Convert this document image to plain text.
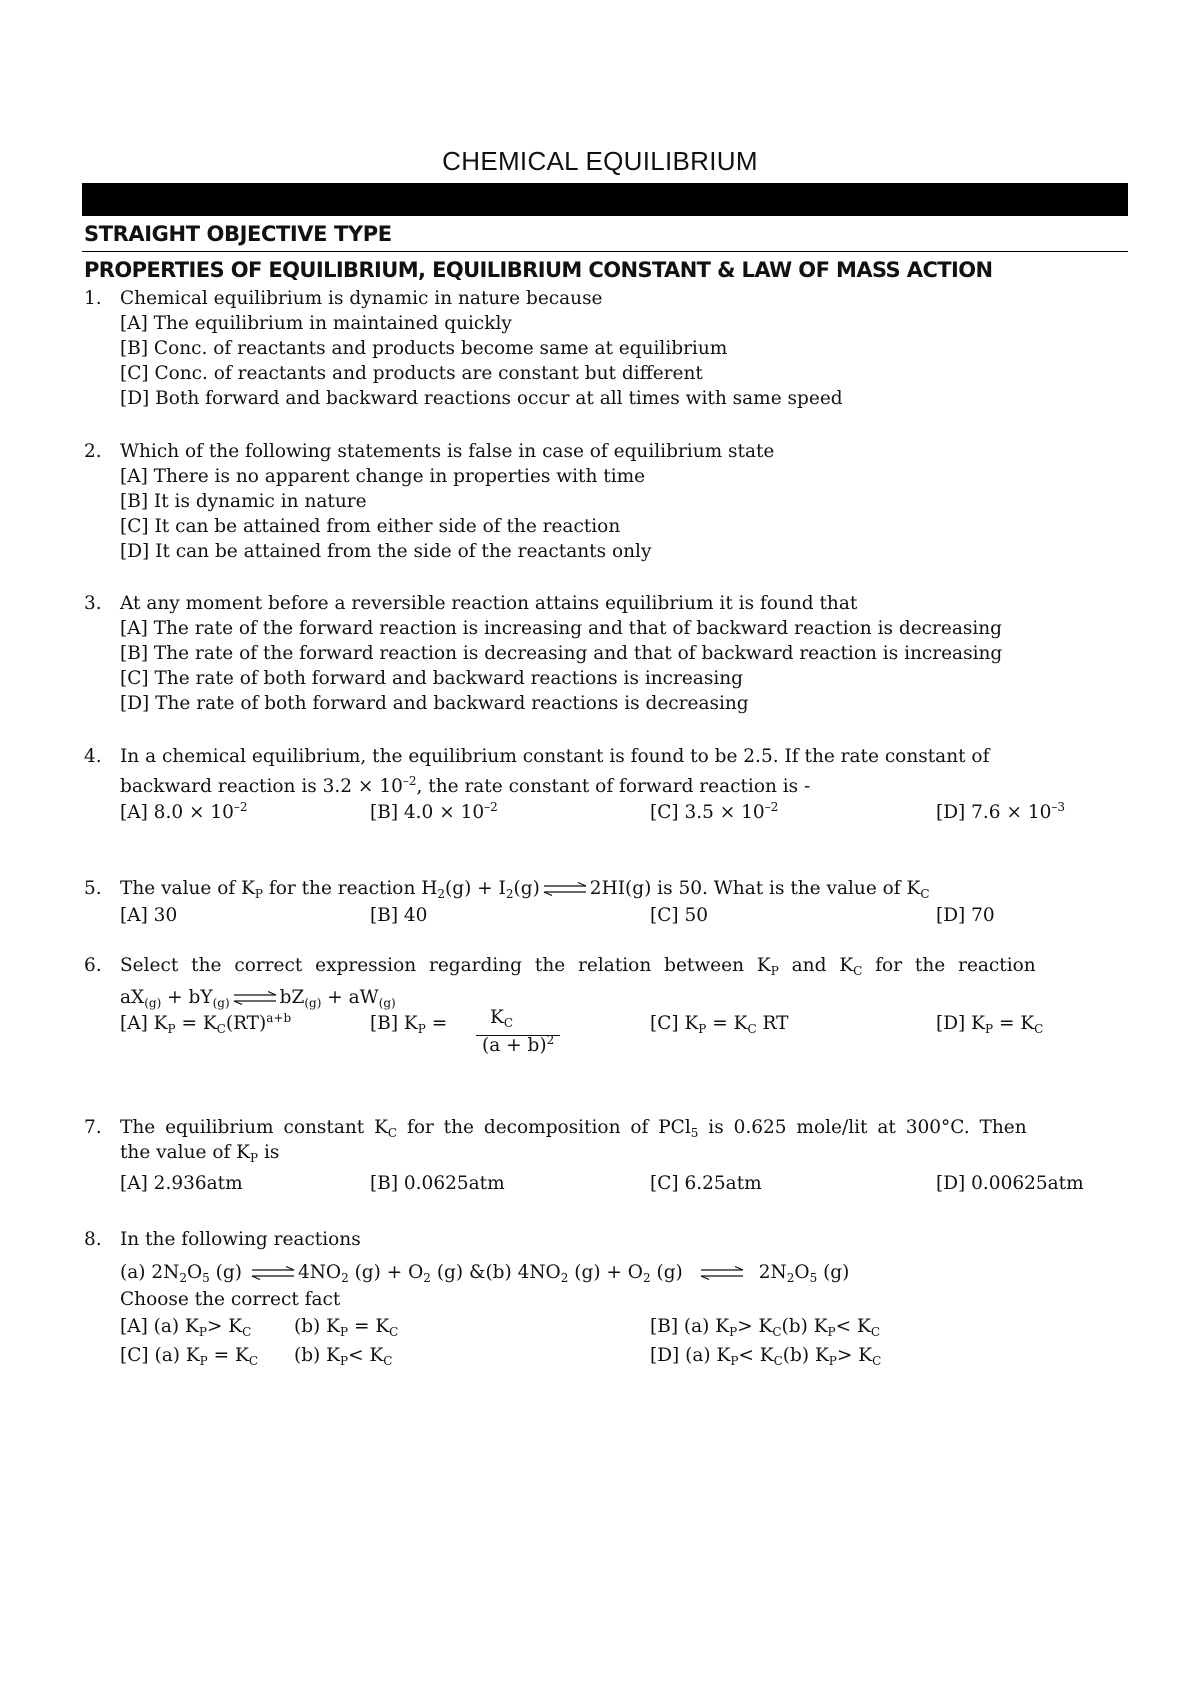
CHEMICAL EQUILIBRIUM
STRAIGHT OBJECTIVE TYPE
PROPERTIES OF EQUILIBRIUM, EQUILIBRIUM CONSTANT & LAW OF MASS ACTION
1. Chemical equilibrium is dynamic in nature because
[A] The equilibrium in maintained quickly
[B] Conc. of reactants and products become same at equilibrium
[C] Conc. of reactants and products are constant but different
[D] Both forward and backward reactions occur at all times with same speed
2. Which of the following statements is false in case of equilibrium state
[A] There is no apparent change in properties with time
[B] It is dynamic in nature
[C] It can be attained from either side of the reaction
[D] It can be attained from the side of the reactants only
3. At any moment before a reversible reaction attains equilibrium it is found that
[A] The rate of the forward reaction is increasing and that of backward reaction is decreasing
[B] The rate of the forward reaction is decreasing and that of backward reaction is increasing
[C] The rate of both forward and backward reactions is increasing
[D] The rate of both forward and backward reactions is decreasing
4. In a chemical equilibrium, the equilibrium constant is found to be 2.5. If the rate constant of
backward reaction is $3.2 \times 10^{-2}$, the rate constant of forward reaction is -
[A] $8.0 \times 10^{-2}$	[B] $4.0 \times 10^{-2}$	[C] $3.5 \times 10^{-2}$	[D] $7.6 \times 10^{-3}$
5. The value of $K_P$ for the reaction $H_2(g) + I_2(g)$ ⇌ 2HI(g) is 50. What is the value of $K_C$
[A] 30	[B] 40	[C] 50	[D] 70
6. Select the correct expression regarding the relation between $K_P$ and $K_C$ for the reaction
$aX_{(g)} + bY_{(g)}$ ⇌ $bZ_{(g)} + aW_{(g)}$
[A] $K_P = K_C(RT)^{a+b}$	[B] $K_P = K_C$
$(a + b)^2$
[C] $K_P = K_C$ RT	[D] $K_P = K_C$
7. The equilibrium constant $K_C$ for the decomposition of PCl$_5$ is 0.625 mole/lit at 300°C. Then
the value of $K_P$ is
[A] 2.936atm	[B] 0.0625atm	[C] 6.25atm	[D] 0.00625atm
8. In the following reactions
(a) $2N_2O_5$ (g) ⇌ $4NO_2$ $(g) + O_2$ (g) &(b) $4NO_2$ $(g) + O_2$ (g) ⇌ $2N_2O_5$ (g)
Choose the correct fact
[A] (a) $K_P> K_C$ (b) $K_P = K_C$	[B] (a) $K_P> K_C(b)$ $K_P< K_C$
[C] (a) $K_P = K_C$ (b) $K_P< K_C$	[D] (a) $K_P< K_C(b)$ $K_P> K_C$
